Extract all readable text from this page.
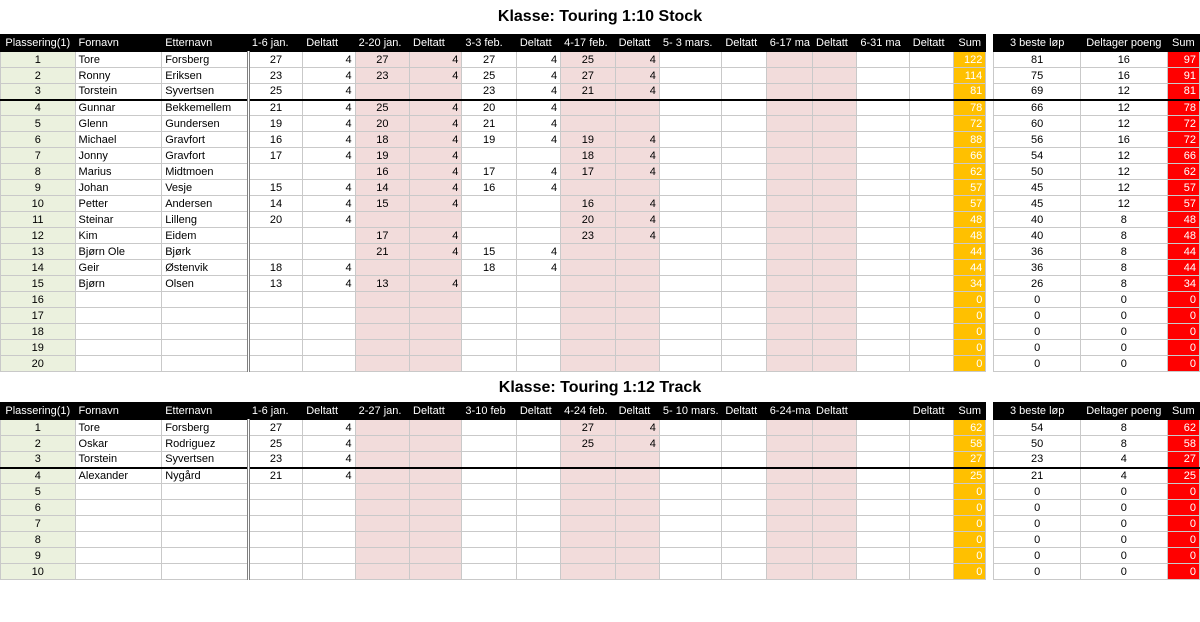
Klasse: Touring 1:10 Stock
Plassering(1)	Fornavn	Etternavn	1-6 jan.	Deltatt	2-20 jan.	Deltatt	3-3 feb.	Deltatt	4-17 feb.	Deltatt	5- 3 mars.	Deltatt	6-17 ma	Deltatt	6-31 ma	Deltatt	Sum		3 beste løp	Deltager poeng	Sum
1	Tore	Forsberg	27	4	27	4	27	4	25	4							122		81	16	97
2	Ronny	Eriksen	23	4	23	4	25	4	27	4							114		75	16	91
3	Torstein	Syvertsen	25	4			23	4	21	4							81		69	12	81
4	Gunnar	Bekkemellem	21	4	25	4	20	4									78		66	12	78
5	Glenn	Gundersen	19	4	20	4	21	4									72		60	12	72
6	Michael	Gravfort	16	4	18	4	19	4	19	4							88		56	16	72
7	Jonny	Gravfort	17	4	19	4			18	4							66		54	12	66
8	Marius	Midtmoen			16	4	17	4	17	4							62		50	12	62
9	Johan	Vesje	15	4	14	4	16	4									57		45	12	57
10	Petter	Andersen	14	4	15	4			16	4							57		45	12	57
11	Steinar	Lilleng	20	4					20	4							48		40	8	48
12	Kim	Eidem			17	4			23	4							48		40	8	48
13	Bjørn Ole	Bjørk			21	4	15	4									44		36	8	44
14	Geir	Østenvik	18	4			18	4									44		36	8	44
15	Bjørn	Olsen	13	4	13	4											34		26	8	34
16																	0		0	0	0
17																	0		0	0	0
18																	0		0	0	0
19																	0		0	0	0
20																	0		0	0	0
Klasse: Touring 1:12 Track
Plassering(1)	Fornavn	Etternavn	1-6 jan.	Deltatt	2-27 jan.	Deltatt	3-10 feb	Deltatt	4-24 feb.	Deltatt	5- 10 mars.	Deltatt	6-24-ma	Deltatt		Deltatt	Sum		3 beste løp	Deltager poeng	Sum
1	Tore	Forsberg	27	4					27	4							62		54	8	62
2	Oskar	Rodriguez	25	4					25	4							58		50	8	58
3	Torstein	Syvertsen	23	4													27		23	4	27
4	Alexander	Nygård	21	4													25		21	4	25
5																	0		0	0	0
6																	0		0	0	0
7																	0		0	0	0
8																	0		0	0	0
9																	0		0	0	0
10																	0		0	0	0
